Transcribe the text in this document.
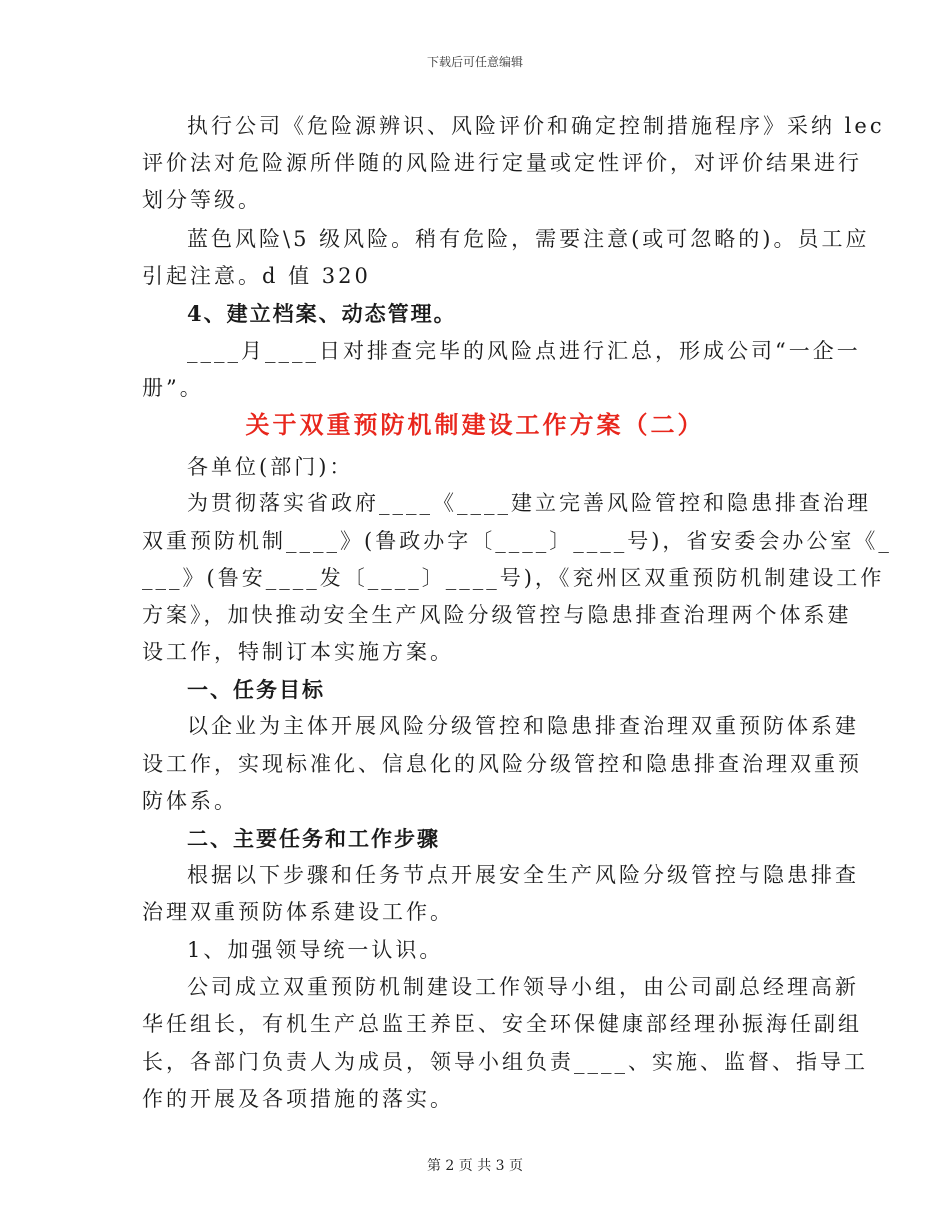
下载后可任意编辑
执行公司《危险源辨识、风险评价和确定控制措施程序》采纳 lec
评价法对危险源所伴随的风险进行定量或定性评价，对评价结果进行
划分等级。
蓝色风险\5 级风险。稍有危险，需要注意(或可忽略的)。员工应
引起注意。d 值 320
4、建立档案、动态管理。
____月____日对排查完毕的风险点进行汇总，形成公司“一企一
册”。
关于双重预防机制建设工作方案（二）
各单位(部门)：
为贯彻落实省政府____《____建立完善风险管控和隐患排查治理
双重预防机制____》(鲁政办字〔____〕____号)，省安委会办公室《_
___》(鲁安____发〔____〕____号)，《兖州区双重预防机制建设工作
方案》，加快推动安全生产风险分级管控与隐患排查治理两个体系建
设工作，特制订本实施方案。
一、任务目标
以企业为主体开展风险分级管控和隐患排查治理双重预防体系建
设工作，实现标准化、信息化的风险分级管控和隐患排查治理双重预
防体系。
二、主要任务和工作步骤
根据以下步骤和任务节点开展安全生产风险分级管控与隐患排查
治理双重预防体系建设工作。
1、加强领导统一认识。
公司成立双重预防机制建设工作领导小组，由公司副总经理高新
华任组长，有机生产总监王养臣、安全环保健康部经理孙振海任副组
长，各部门负责人为成员，领导小组负责____、实施、监督、指导工
作的开展及各项措施的落实。
第 2 页 共 3 页
